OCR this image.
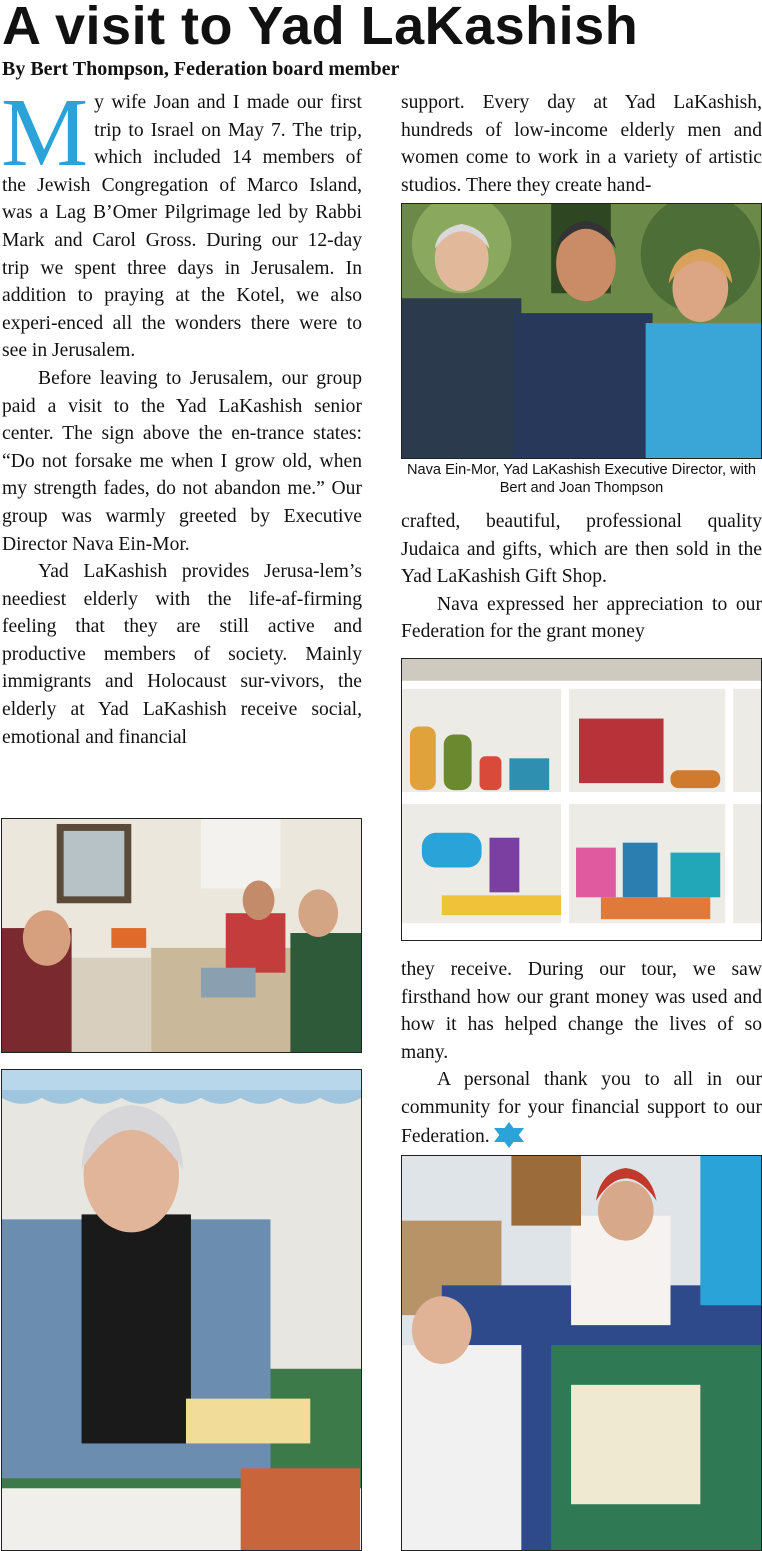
A visit to Yad LaKashish
By Bert Thompson, Federation board member

My wife Joan and I made our first trip to Israel on May 7. The trip, which included 14 members of the Jewish Congregation of Marco Island, was a Lag B’Omer Pilgrimage led by Rabbi Mark and Carol Gross. During our 12-day trip we spent three days in Jerusalem. In addition to praying at the Kotel, we also experi-enced all the wonders there were to see in Jerusalem.

Before leaving to Jerusalem, our group paid a visit to the Yad LaKashish senior center. The sign above the en-trance states: “Do not forsake me when I grow old, when my strength fades, do not abandon me.” Our group was warmly greeted by Executive Director Nava Ein-Mor.

Yad LaKashish provides Jerusa-lem’s neediest elderly with the life-af-firming feeling that they are still active and productive members of society. Mainly immigrants and Holocaust sur-vivors, the elderly at Yad LaKashish receive social, emotional and financial

support. Every day at Yad LaKashish, hundreds of low-income elderly men and women come to work in a variety of artistic studios. There they create hand-

crafted, beautiful, professional quality Judaica and gifts, which are then sold in the Yad LaKashish Gift Shop.

Nava expressed her appreciation to our Federation for the grant money

they receive. During our tour, we saw firsthand how our grant money was used and how it has helped change the lives of so many.

A personal thank you to all in our community for your financial support to our Federation.

Nava Ein-Mor, Yad LaKashish Executive Director, with Bert and Joan Thompson
